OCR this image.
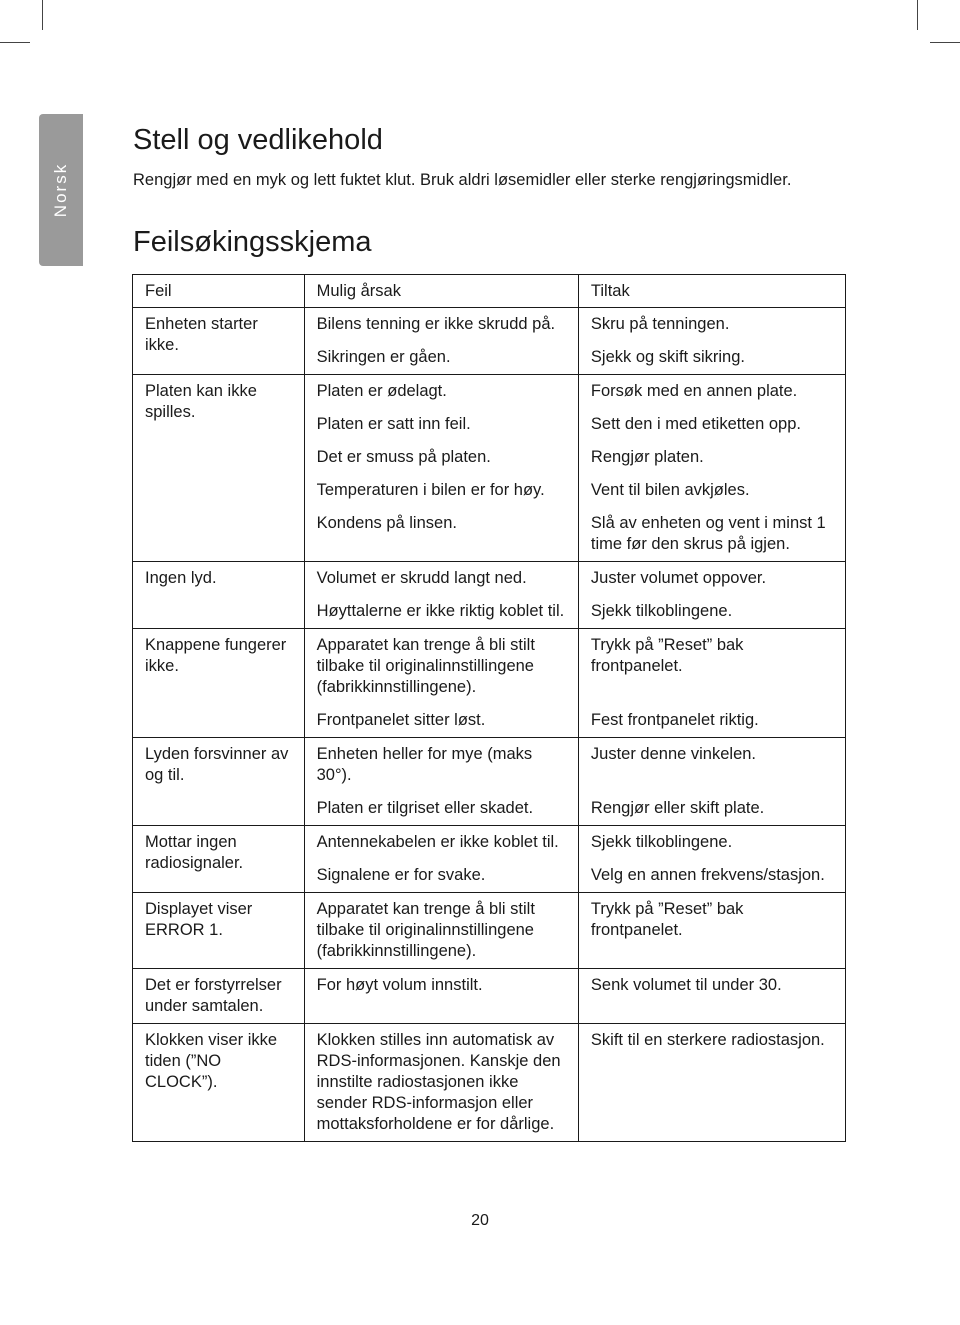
Norsk
Stell og vedlikehold

Rengjør med en myk og lett fuktet klut. Bruk aldri løsemidler eller sterke rengjøringsmidler.

Feilsøkingsskjema
Feil	Mulig årsak	Tiltak

Enheten starter ikke.	Bilens tenning er ikke skrudd på.	Skru på tenningen.

	Sikringen er gåen.	Sjekk og skift sikring.

Platen kan ikke spilles.	Platen er ødelagt.	Forsøk med en annen plate.

	Platen er satt inn feil.	Sett den i med etiketten opp.

	Det er smuss på platen.	Rengjør platen.

	Temperaturen i bilen er for høy.	Vent til bilen avkjøles.

	Kondens på linsen.	Slå av enheten og vent i minst 1 time før den skrus på igjen.

Ingen lyd.	Volumet er skrudd langt ned.	Juster volumet oppover.

	Høyttalerne er ikke riktig koblet til.	Sjekk tilkoblingene.

Knappene fungerer ikke.	Apparatet kan trenge å bli stilt tilbake til originalinnstillingene (fabrikkinnstillingene).	Trykk på ”Reset” bak frontpanelet.

	Frontpanelet sitter løst.	Fest frontpanelet riktig.

Lyden forsvinner av og til.	Enheten heller for mye (maks 30°).	Juster denne vinkelen.

	Platen er tilgriset eller skadet.	Rengjør eller skift plate.

Mottar ingen radiosignaler.	Antennekabelen er ikke koblet til.	Sjekk tilkoblingene.

	Signalene er for svake.	Velg en annen frekvens/stasjon.

Displayet viser ERROR 1.	Apparatet kan trenge å bli stilt tilbake til originalinnstillingene (fabrikkinnstillingene).	Trykk på ”Reset” bak frontpanelet.

Det er forstyrrelser under samtalen.	For høyt volum innstilt.	Senk volumet til under 30.

Klokken viser ikke tiden (”NO CLOCK”).	Klokken stilles inn automatisk av RDS-informasjonen. Kanskje den innstilte radiostasjonen ikke sender RDS-informasjon eller mottaksforholdene er for dårlige.	Skift til en sterkere radiostasjon.
20
